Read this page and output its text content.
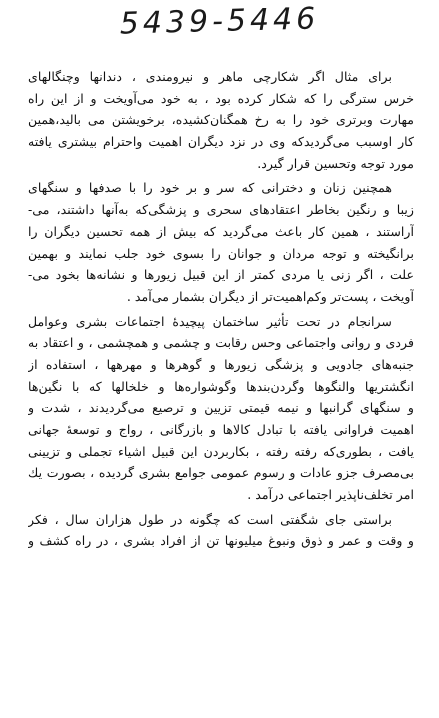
5439-5446
برای مثال اگر شکارچی ماهر و نیرومندی ، دندانها وچنگالهای
خرس سترگی را که شکار کرده بود ، به خود می‌آویخت و از این راه
مهارت وبرتری خود را به رخ همگنان‌کشیده، برخویشتن می بالید،همین
کار اوسبب می‌گردیدکه وی در نزد دیگران اهمیت واحترام بیشتری یافته
مورد توجه وتحسین قرار گیرد.
همچنین زنان و دخترانی که سر و بر خود را با صدفها و سنگهای
زیبا و رنگین بخاطر اعتقادهای سحری و پزشگی‌که به‌آنها داشتند، می-
آراستند ، همین کار باعث می‌گردید که بیش از همه تحسین دیگران را
برانگیخته و توجه مردان و جوانان را بسوی خود جلب نمایند و بهمین
علت ، اگر زنی یا مردی کمتر از این قبیل زیورها و نشانه‌ها بخود می-
آویخت ، پست‌تر وکم‌اهمیت‌تر از دیگران بشمار می‌آمد .
سرانجام در تحت تأثیر ساختمان پیچیدهٔ اجتماعات بشری وعوامل
فردی و روانی واجتماعی وحس رقابت و چشمی و همچشمی ، و اعتقاد به
جنبه‌های جادویی و پزشگی زیورها و گوهرها و مهرهها ، استفاده از
انگشتریها والنگوها وگردن‌بندها وگوشواره‌ها و خلخالها که با نگین‌ها
و سنگهای گرانبها و نیمه قیمتی تزیین و ترصیع می‌گردیدند ، شدت و
اهمیت فراوانی یافته با تبادل کالاها و بازرگانی ، رواج و توسعهٔ جهانی
یافت ، بطوری‌که رفته رفته ، بکاربردن این قبیل اشیاء تجملی و تزیینی
بی‌مصرف جزو عادات و رسوم عمومی جوامع بشری گردیده ، بصورت یك
امر تخلف‌ناپذیر اجتماعی درآمد .
براستی جای شگفتی است که چگونه در طول هزاران سال ، فکر
و وقت و عمر و ذوق ونبوغ میلیونها تن از افراد بشری ، در راه کشف و
